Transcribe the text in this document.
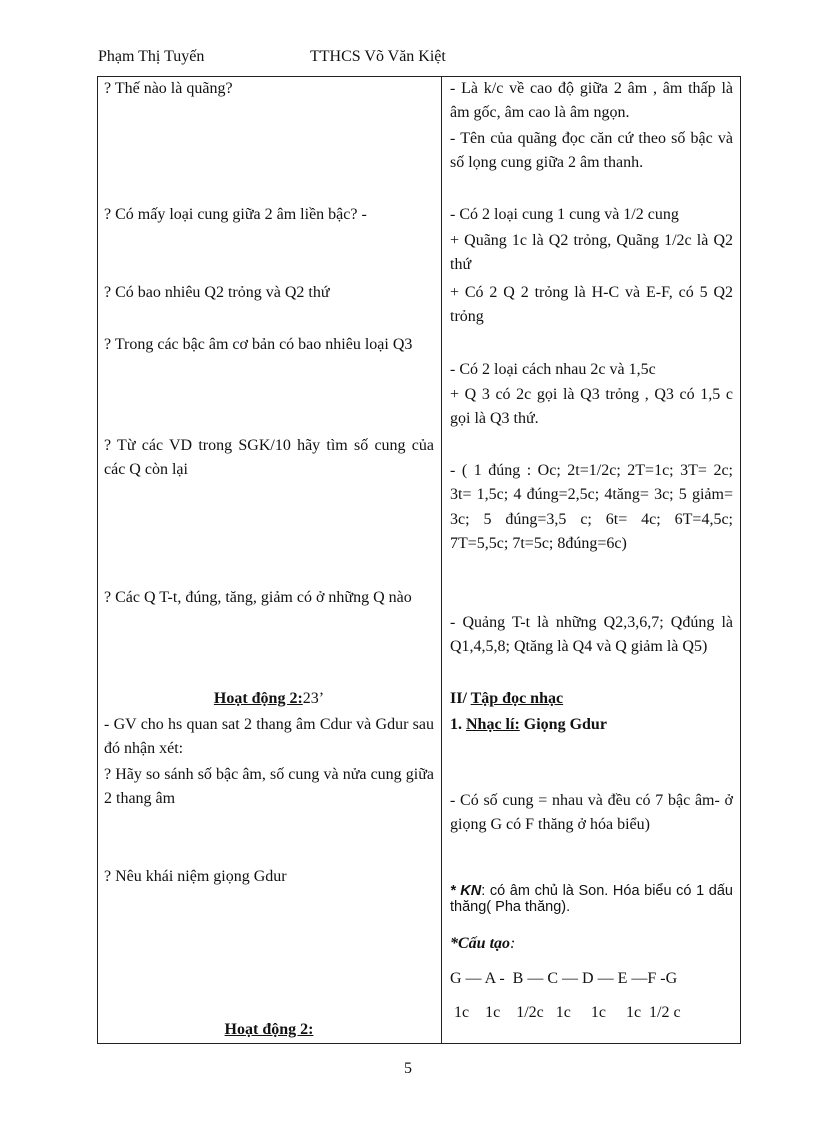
Phạm Thị Tuyến	TTHCS Võ Văn Kiệt
? Thế nào là quãng?
? Có mấy loại cung giữa 2 âm liền bậc? -
? Có bao nhiêu Q2 trỏng và Q2 thứ
? Trong các bậc âm cơ bản có bao nhiêu loại Q3
? Từ các VD trong SGK/10 hãy tìm số cung của các Q còn lại
? Các Q T-t, đúng, tăng, giảm có ở những Q nào
Hoạt động 2:23’
- GV cho hs quan sat 2 thang âm Cdur và Gdur sau đó nhận xét:
? Hãy so sánh số bậc âm, số cung và nửa cung giữa 2 thang âm
? Nêu khái niệm giọng Gdur
Hoạt động 2:
- Là k/c về cao độ giữa 2 âm , âm thấp là âm gốc, âm cao là âm ngọn.
- Tên của quãng đọc căn cứ theo số bậc và số lọng cung giữa 2 âm thanh.
- Có 2 loại cung 1 cung và 1/2 cung
+ Quãng 1c là Q2 trỏng, Quãng 1/2c là Q2 thứ
+ Có 2 Q 2 trỏng là H-C và E-F, có 5 Q2 trỏng
- Có 2 loại cách nhau 2c và 1,5c
+ Q 3 có 2c gọi là Q3 trỏng , Q3 có 1,5 c gọi là Q3 thứ.
- ( 1 đúng : Oc; 2t=1/2c; 2T=1c; 3T= 2c; 3t= 1,5c; 4 đúng=2,5c; 4tăng= 3c; 5 giảm= 3c; 5 đúng=3,5 c; 6t= 4c; 6T=4,5c; 7T=5,5c; 7t=5c; 8đúng=6c)
- Quảng T-t là những Q2,3,6,7; Qđúng là Q1,4,5,8; Qtăng là Q4 và Q giảm là Q5)
II/ Tập đọc nhạc
1. Nhạc lí: Giọng Gdur
- Có số cung = nhau và đều có 7 bậc âm- ở giọng G có F thăng ở hóa biểu)
* KN: có âm chủ là Son. Hóa biểu có 1 dấu thăng( Pha thăng).
*Cấu tạo:
G — A -  B — C — D — E —F -G
1c    1c    1/2c   1c     1c     1c  1/2 c
5
